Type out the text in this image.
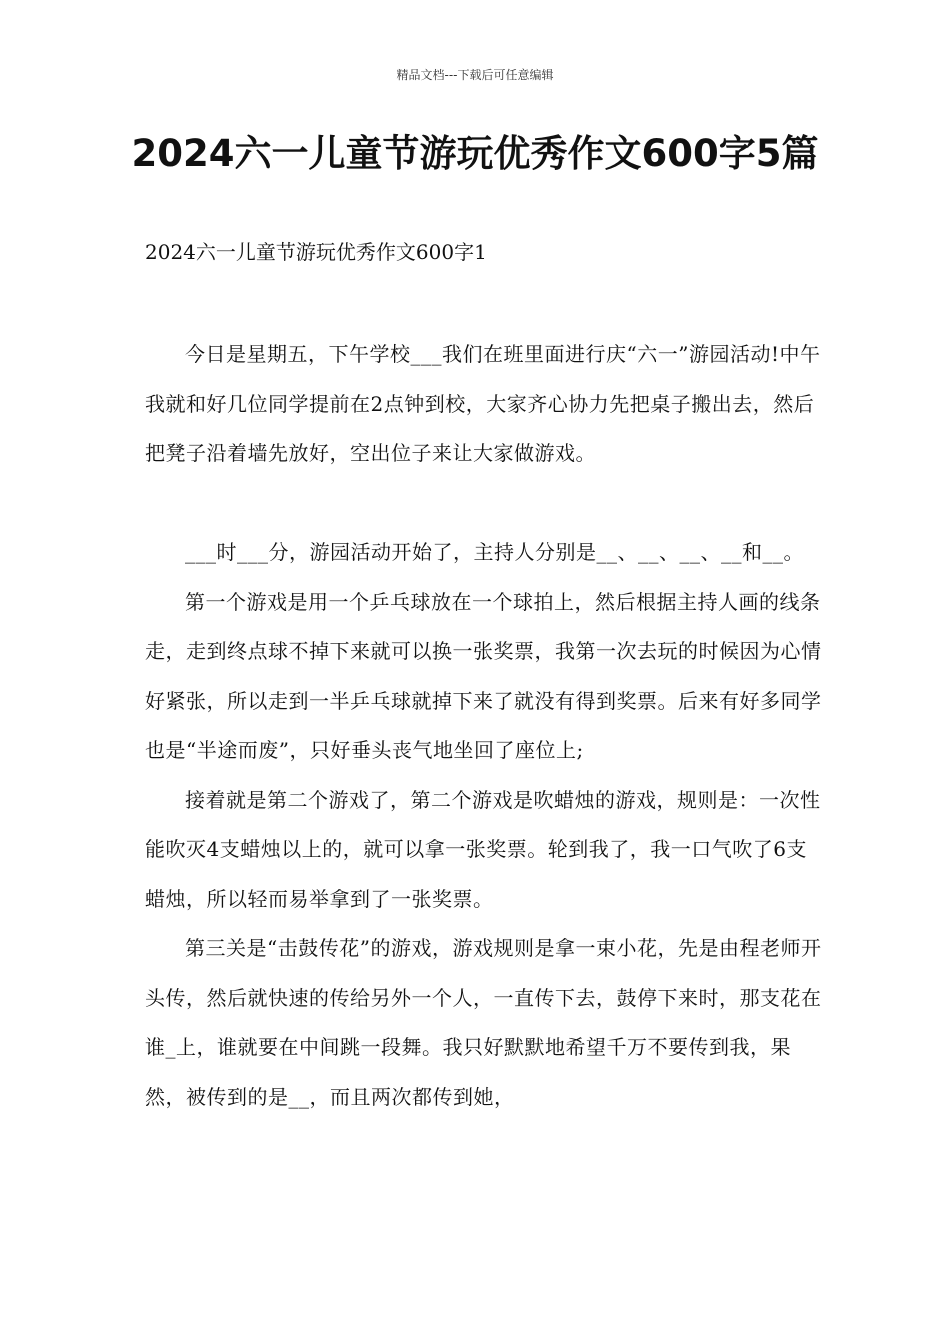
精品文档---下载后可任意编辑
2024六一儿童节游玩优秀作文600字5篇

2024六一儿童节游玩优秀作文600字1

今日是星期五，下午学校___我们在班里面进行庆“六一”游园活动!中午我就和好几位同学提前在2点钟到校，大家齐心协力先把桌子搬出去，然后把凳子沿着墙先放好，空出位子来让大家做游戏。

___时___分，游园活动开始了，主持人分别是__、__、__、__和__。

第一个游戏是用一个乒乓球放在一个球拍上，然后根据主持人画的线条走，走到终点球不掉下来就可以换一张奖票，我第一次去玩的时候因为心情好紧张，所以走到一半乒乓球就掉下来了就没有得到奖票。后来有好多同学也是“半途而废”，只好垂头丧气地坐回了座位上;

接着就是第二个游戏了，第二个游戏是吹蜡烛的游戏，规则是：一次性能吹灭4支蜡烛以上的，就可以拿一张奖票。轮到我了，我一口气吹了6支蜡烛，所以轻而易举拿到了一张奖票。

第三关是“击鼓传花”的游戏，游戏规则是拿一束小花，先是由程老师开头传，然后就快速的传给另外一个人，一直传下去，鼓停下来时，那支花在谁_上，谁就要在中间跳一段舞。我只好默默地希望千万不要传到我，果然，被传到的是__，而且两次都传到她，
